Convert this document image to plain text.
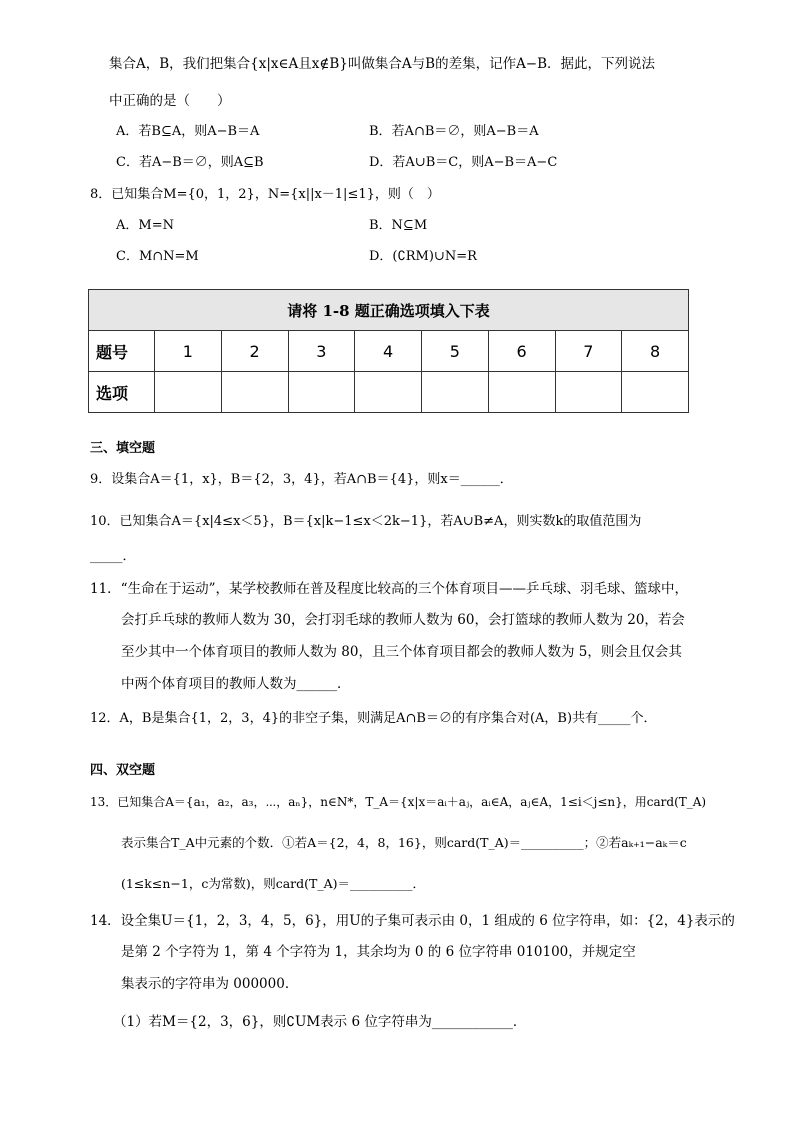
集合A，B，我们把集合{x|x∈A且x∉B}叫做集合A与B的差集，记作A−B．据此，下列说法
中正确的是（　　）
A．若B⊆A，则A−B＝A	B．若A∩B＝∅，则A−B＝A
C．若A−B＝∅，则A⊆B	D．若A∪B＝C，则A−B＝A−C
8．已知集合M={0，1，2}，N={x||x－1|≤1}，则（　）
A．M=N	B．N⊆M
C．M∩N=M	D．(∁RM)∪N=R
请将 1-8 题正确选项填入下表								
题号	1	2	3	4	5	6	7	8
选项								
三、填空题
9．设集合A＝{1，x}，B＝{2，3，4}，若A∩B＝{4}，则x＝______．
10．已知集合A＝{x|4≤x＜5}，B＝{x|k−1≤x＜2k−1}，若A∪B≠A，则实数k的取值范围为
_____．
11．“生命在于运动”，某学校教师在普及程度比较高的三个体育项目——乒乓球、羽毛球、篮球中，
会打乒乓球的教师人数为 30，会打羽毛球的教师人数为 60，会打篮球的教师人数为 20，若会
至少其中一个体育项目的教师人数为 80，且三个体育项目都会的教师人数为 5，则会且仅会其
中两个体育项目的教师人数为______．
12．A，B是集合{1，2，3，4}的非空子集，则满足A∩B＝∅的有序集合对(A，B)共有_____个．
四、双空题
13．已知集合A＝{a₁，a₂，a₃，⋯，aₙ}，n∈N*，T_A＝{x|x＝aᵢ＋aⱼ，aᵢ∈A，aⱼ∈A，1≤i＜j≤n}，用card(T_A)
表示集合T_A中元素的个数．①若A＝{2，4，8，16}，则card(T_A)＝__________；②若aₖ₊₁−aₖ＝c
(1≤k≤n−1，c为常数)，则card(T_A)＝__________．
14．设全集U＝{1，2，3，4，5，6}，用U的子集可表示由 0，1 组成的 6 位字符串，如：{2，4}表示的
是第 2 个字符为 1，第 4 个字符为 1，其余均为 0 的 6 位字符串 010100，并规定空
集表示的字符串为 000000．
（1）若M＝{2，3，6}，则∁UM表示 6 位字符串为____________．
